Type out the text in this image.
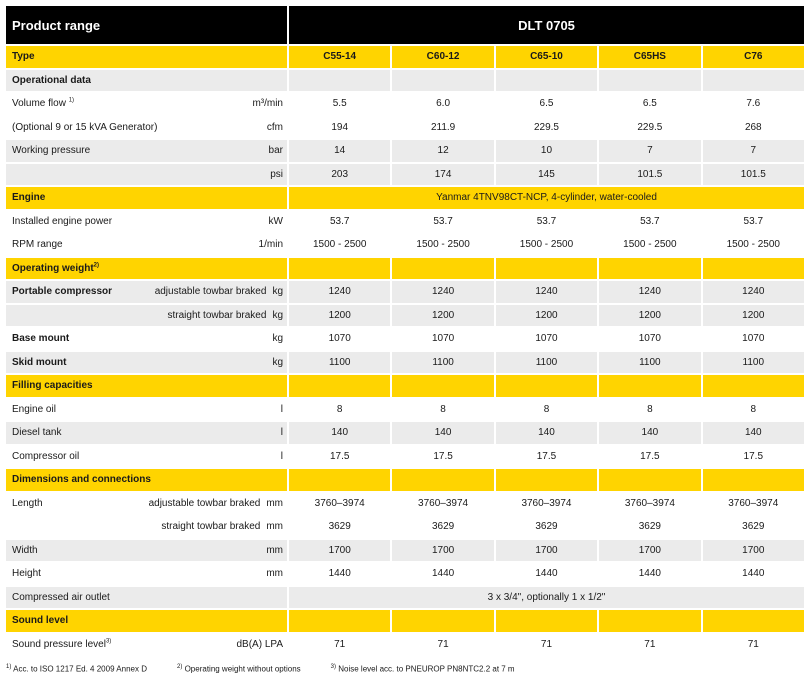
Product range	DLT 0705				
Type	C55-14	C60-12	C65-10	C65HS	C76
Operational data					

Volume flow $^{1)}$ m³/min	5.5	6.0	6.5	6.5	7.6

(Optional 9 or 15 kVA Generator) cfm	194	211.9	229.5	229.5	268

Working pressure bar	14	12	10	7	7

psi	203	174	145	101.5	101.5
Engine	Yanmar 4TNV98CT-NCP, 4-cylinder, water-cooled				

Installed engine power kW	53.7	53.7	53.7	53.7	53.7

RPM range 1/min	1500 - 2500	1500 - 2500	1500 - 2500	1500 - 2500	1500 - 2500
Operating weight$^{2)}$					

Portable compressor adjustable towbar braked kg	1240	1240	1240	1240	1240

straight towbar braked kg	1200	1200	1200	1200	1200

Base mount kg	1070	1070	1070	1070	1070

Skid mount kg	1100	1100	1100	1100	1100
Filling capacities					

Engine oil l	8	8	8	8	8

Diesel tank l	140	140	140	140	140

Compressor oil l	17.5	17.5	17.5	17.5	17.5
Dimensions and connections					

Length adjustable towbar braked mm	3760–3974	3760–3974	3760–3974	3760–3974	3760–3974

straight towbar braked mm	3629	3629	3629	3629	3629

Width mm	1700	1700	1700	1700	1700

Height mm	1440	1440	1440	1440	1440
Compressed air outlet	3 x 3/4", optionally 1 x 1/2"				
Sound level					

Sound pressure level$^{3)}$ dB(A) LPA	71	71	71	71	71
$^{1)}$ Acc. to ISO 1217 Ed. 4 2009 Annex D	$^{2)}$ Operating weight without options	$^{3)}$ Noise level acc. to PNEUROP PN8NTC2.2 at 7 m
